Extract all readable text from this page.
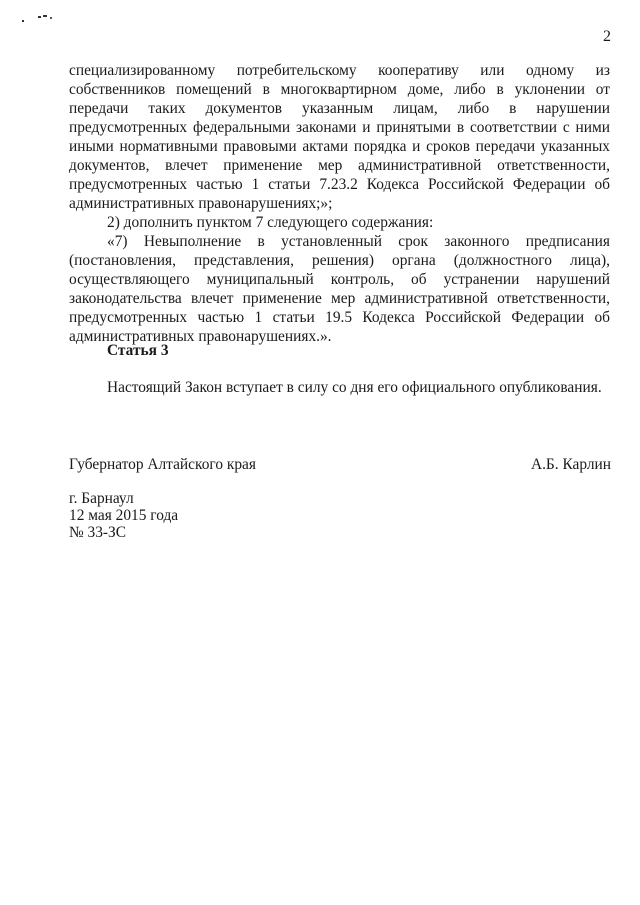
2

специализированному потребительскому кооперативу или одному из собственников помещений в многоквартирном доме, либо в уклонении от передачи таких документов указанным лицам, либо в нарушении предусмотренных федеральными законами и принятыми в соответствии с ними иными нормативными правовыми актами порядка и сроков передачи указанных документов, влечет применение мер административной ответственности, предусмотренных частью 1 статьи 7.23.2 Кодекса Российской Федерации об административных правонарушениях;»;

2) дополнить пунктом 7 следующего содержания:

«7) Невыполнение в установленный срок законного предписания (постановления, представления, решения) органа (должностного лица), осуществляющего муниципальный контроль, об устранении нарушений законодательства влечет применение мер административной ответственности, предусмотренных частью 1 статьи 19.5 Кодекса Российской Федерации об административных правонарушениях.».

Статья 3

Настоящий Закон вступает в силу со дня его официального опубликования.

Губернатор Алтайского края	А.Б. Карлин
г. Барнаул
12 мая 2015 года
№ 33-ЗС
